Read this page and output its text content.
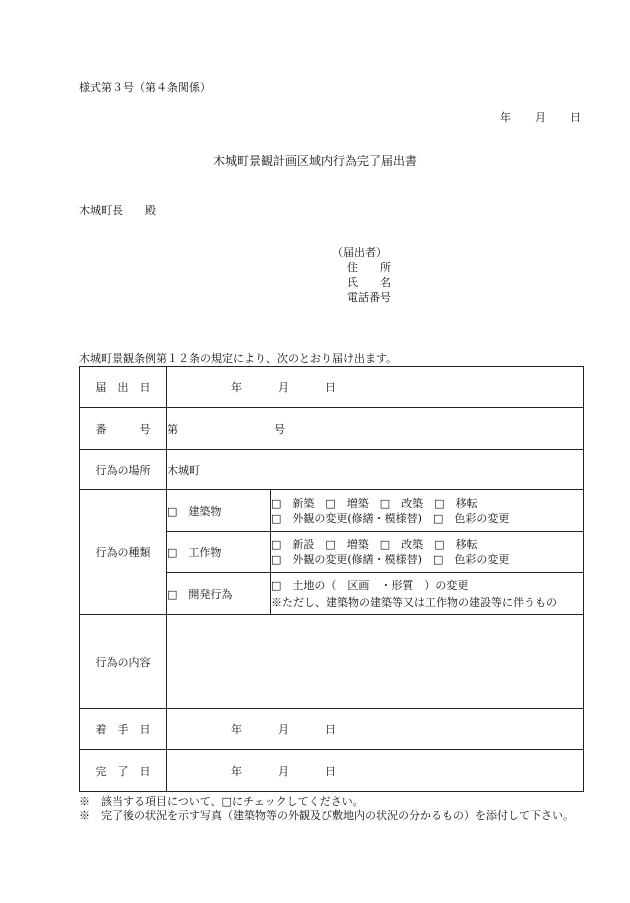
様式第３号（第４条関係）
年 月 日
木城町景観計画区域内行為完了届出書
木城町長　　殿
（届出者）
住　　所
氏　　名
電話番号
木城町景観条例第１２条の規定により、次のとおり届け出ます。
届　出　日	年 月 日	
番　　　号	第 号	
行為の場所	木城町	
行為の種類	□　建築物	□　新築　□　増築　□　改築　□　移転
□　外観の変更(修繕・模様替)　□　色彩の変更

	□　工作物	□　新設　□　増築　□　改築　□　移転
□　外観の変更(修繕・模様替)　□　色彩の変更

	□　開発行為	□　土地の（　区画　・形質　）の変更
※ただし、建築物の建築等又は工作物の建設等に伴うもの

行為の内容		
着　手　日	年 月 日	
完　了　日	年 月 日	
※　該当する項目について、□にチェックしてください。
※　完了後の状況を示す写真（建築物等の外観及び敷地内の状況の分かるもの）を添付して下さい。
